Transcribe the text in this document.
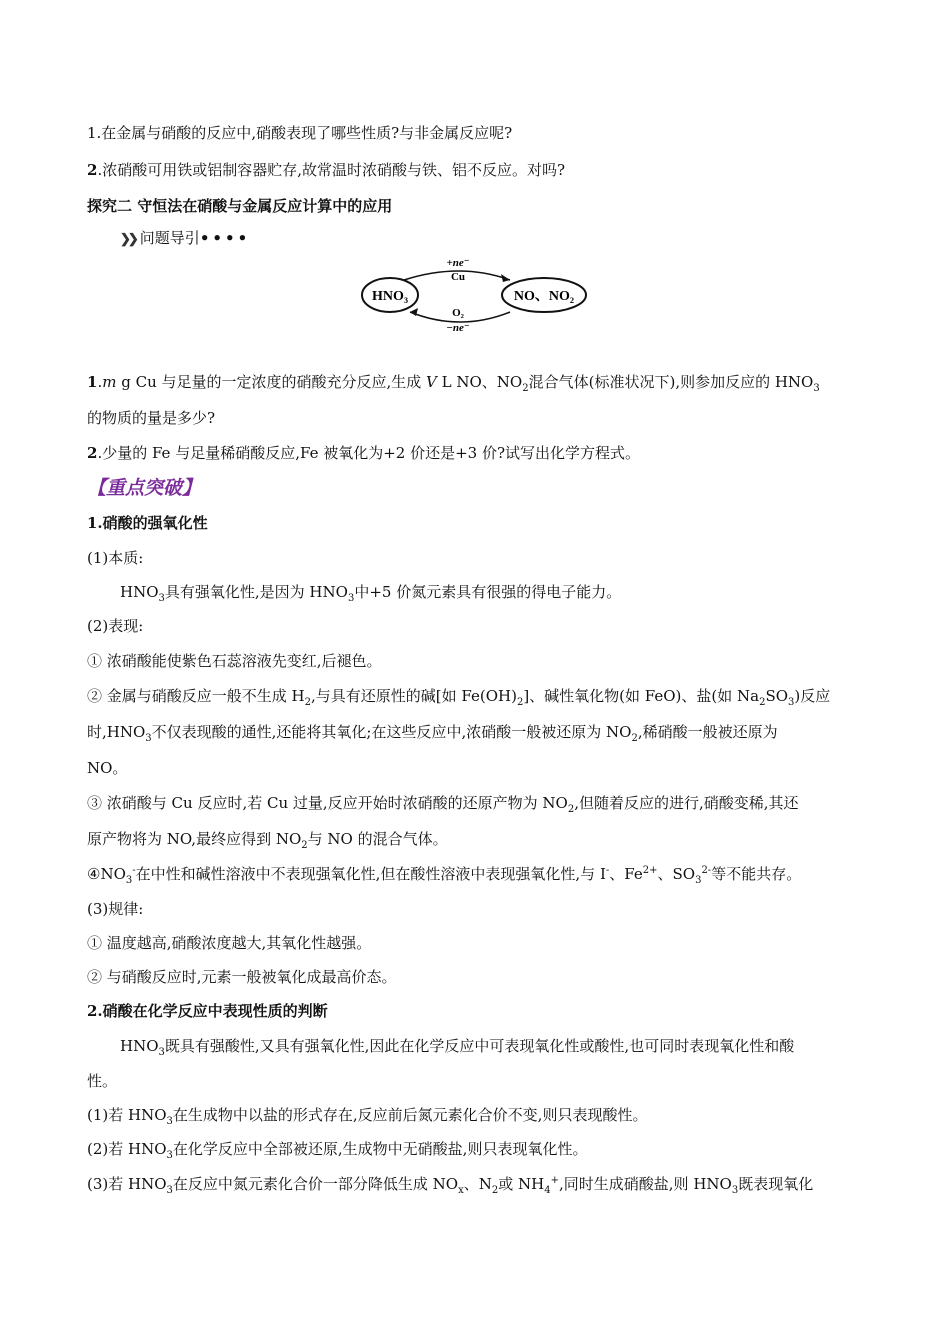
1.在金属与硝酸的反应中,硝酸表现了哪些性质?与非金属反应呢?
2.浓硝酸可用铁或铝制容器贮存,故常温时浓硝酸与铁、铝不反应。对吗?
探究二 守恒法在硝酸与金属反应计算中的应用
❯❯ 问题导引••••
HNO₃	NO、NO₂
+ne⁻
Cu
O₂
−ne⁻
1.m g Cu 与足量的一定浓度的硝酸充分反应,生成 V L NO、$NO_2$混合气体(标准状况下),则参加反应的 $HNO_3$
的物质的量是多少?
2.少量的 Fe 与足量稀硝酸反应,Fe 被氧化为+2 价还是+3 价?试写出化学方程式。
【重点突破】
1.硝酸的强氧化性
(1)本质:
$HNO_3$具有强氧化性,是因为 $HNO_3$中+5 价氮元素具有很强的得电子能力。
(2)表现:
① 浓硝酸能使紫色石蕊溶液先变红,后褪色。
② 金属与硝酸反应一般不生成 $H_2$,与具有还原性的碱[如 $Fe(OH)_2$]、碱性氧化物(如 FeO)、盐(如 $Na_2SO_3$)反应
时$,HNO_3$不仅表现酸的通性,还能将其氧化;在这些反应中,浓硝酸一般被还原为 $NO_2$,稀硝酸一般被还原为
NO。
③ 浓硝酸与 Cu 反应时,若 Cu 过量,反应开始时浓硝酸的还原产物为 $NO_2$,但随着反应的进行,硝酸变稀,其还
原产物将为 NO,最终应得到 $NO_2$与 NO 的混合气体。
$④NO_3^-$在中性和碱性溶液中不表现强氧化性,但在酸性溶液中表现强氧化性,与 I-、$Fe^{2+}$、$SO_3^{2-}$等不能共存。
(3)规律:
① 温度越高,硝酸浓度越大,其氧化性越强。
② 与硝酸反应时,元素一般被氧化成最高价态。
2.硝酸在化学反应中表现性质的判断
$HNO_3$既具有强酸性,又具有强氧化性,因此在化学反应中可表现氧化性或酸性,也可同时表现氧化性和酸
性。
(1)若 $HNO_3$在生成物中以盐的形式存在,反应前后氮元素化合价不变,则只表现酸性。
(2)若 $HNO_3$在化学反应中全部被还原,生成物中无硝酸盐,则只表现氧化性。
(3)若 $HNO_3$在反应中氮元素化合价一部分降低生成 $NO_x$、$N_2$或 $NH_4^+$,同时生成硝酸盐,则 $HNO_3$既表现氧化
